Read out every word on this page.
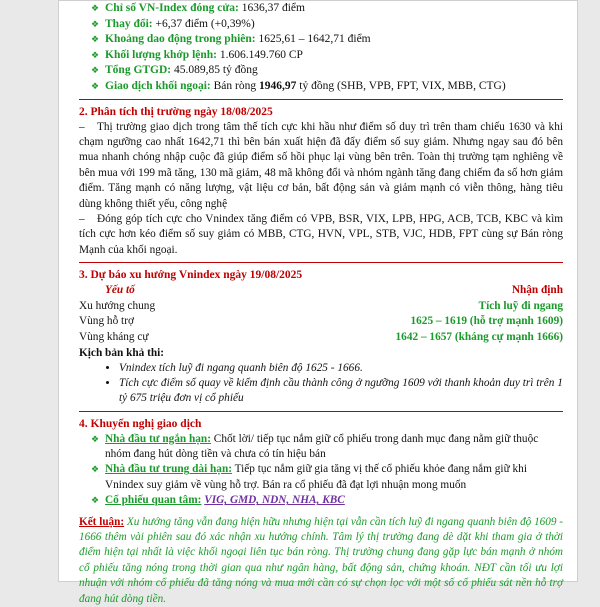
❖ Chỉ số VN-Index đóng cửa: 1636,37 điểm
❖ Thay đổi: +6,37 điểm (+0,39%)
❖ Khoảng dao động trong phiên: 1625,61 – 1642,71 điểm
❖ Khối lượng khớp lệnh: 1.606.149.760 CP
❖ Tổng GTGD: 45.089,85 tỷ đồng
❖ Giao dịch khối ngoại: Bán ròng 1946,97 tỷ đồng (SHB, VPB, FPT, VIX, MBB, CTG)
2. Phân tích thị trường ngày 18/08/2025

– Thị trường giao dịch trong tâm thế tích cực khi hầu như điểm số duy trì trên tham chiếu 1630 và khi chạm ngưỡng cao nhất 1642,71 thì bên bán xuất hiện đã đẩy điểm số suy giảm. Nhưng ngay sau đó bên mua nhanh chóng nhập cuộc đã giúp điểm số hồi phục lại vùng bên trên. Toàn thị trường tạm nghiêng về bên mua với 199 mã tăng, 130 mã giảm, 48 mã không đổi và nhóm ngành tăng đang chiếm đa số hơn giảm điểm. Tăng mạnh có năng lượng, vật liệu cơ bản, bất động sản và giảm mạnh có viễn thông, hàng tiêu dùng không thiết yếu, công nghệ

– Đóng góp tích cực cho Vnindex tăng điểm có VPB, BSR, VIX, LPB, HPG, ACB, TCB, KBC và kìm tích cực hơn kéo điểm số suy giảm có MBB, CTG, HVN, VPL, STB, VJC, HDB, FPT cùng sự Bán ròng Mạnh của khối ngoại.

3. Dự báo xu hướng Vnindex ngày 19/08/2025
Yếu tố	Nhận định
Xu hướng chung	Tích luỹ đi ngang
Vùng hỗ trợ	1625 – 1619 (hỗ trợ mạnh 1609)
Vùng kháng cự	1642 – 1657 (kháng cự mạnh 1666)
Kịch bản khả thi:
• Vnindex tích luỹ đi ngang quanh biên độ 1625 - 1666.
• Tích cực điểm số quay về kiểm định cầu thành công ở ngưỡng 1609 với thanh khoản duy trì trên 1 tỷ 675 triệu đơn vị cổ phiếu
4. Khuyến nghị giao dịch
❖ Nhà đầu tư ngắn hạn: Chốt lời/ tiếp tục nắm giữ cổ phiếu trong danh mục đang nằm giữ thuộc nhóm đang hút dòng tiền và chưa có tín hiệu bán
❖ Nhà đầu tư trung dài hạn: Tiếp tục nắm giữ gia tăng vị thế cổ phiếu khỏe đang nắm giữ khi Vnindex suy giảm về vùng hỗ trợ. Bán ra cổ phiếu đã đạt lợi nhuận mong muốn
❖ Cổ phiếu quan tâm: VIG, GMD, NDN, NHA, KBC

Kết luận: Xu hướng tăng vẫn đang hiện hữu nhưng hiện tại vẫn cần tích luỹ đi ngang quanh biên độ 1609 - 1666 thêm vài phiên sau đó xác nhận xu hướng chính. Tâm lý thị trường đang dè dặt khi tham gia ở thời điểm hiện tại nhất là việc khối ngoại liên tục bán ròng. Thị trường chung đang gặp lực bán mạnh ở nhóm cổ phiếu tăng nóng trong thời gian qua như ngân hàng, bất động sản, chứng khoán. NĐT cần tối ưu lợi nhuận với nhóm cổ phiếu đã tăng nóng và mua mới cần có sự chọn lọc với một số cổ phiếu sát nền hỗ trợ đang hút dòng tiền.
